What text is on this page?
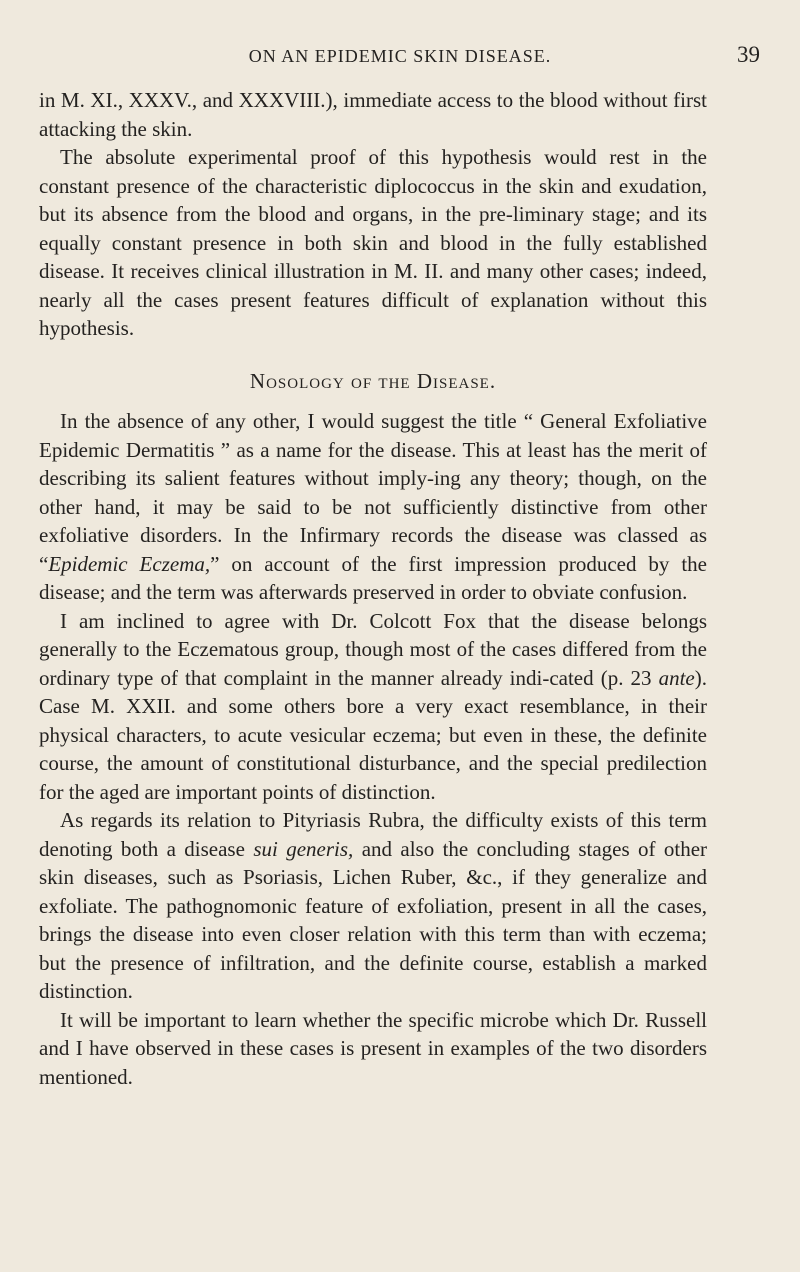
ON AN EPIDEMIC SKIN DISEASE.	39

in M. XI., XXXV., and XXXVIII.), immediate access to the blood without first attacking the skin.

The absolute experimental proof of this hypothesis would rest in the constant presence of the characteristic diplococcus in the skin and exudation, but its absence from the blood and organs, in the pre-liminary stage; and its equally constant presence in both skin and blood in the fully established disease. It receives clinical illustration in M. II. and many other cases; indeed, nearly all the cases present features difficult of explanation without this hypothesis.

Nosology of the Disease.

In the absence of any other, I would suggest the title “ General Exfoliative Epidemic Dermatitis ” as a name for the disease. This at least has the merit of describing its salient features without imply-ing any theory; though, on the other hand, it may be said to be not sufficiently distinctive from other exfoliative disorders. In the Infirmary records the disease was classed as “Epidemic Eczema,” on account of the first impression produced by the disease; and the term was afterwards preserved in order to obviate confusion.

I am inclined to agree with Dr. Colcott Fox that the disease belongs generally to the Eczematous group, though most of the cases differed from the ordinary type of that complaint in the manner already indi-cated (p. 23 ante). Case M. XXII. and some others bore a very exact resemblance, in their physical characters, to acute vesicular eczema; but even in these, the definite course, the amount of constitutional disturbance, and the special predilection for the aged are important points of distinction.

As regards its relation to Pityriasis Rubra, the difficulty exists of this term denoting both a disease sui generis, and also the concluding stages of other skin diseases, such as Psoriasis, Lichen Ruber, &c., if they generalize and exfoliate. The pathognomonic feature of exfoliation, present in all the cases, brings the disease into even closer relation with this term than with eczema; but the presence of infiltration, and the definite course, establish a marked distinction.

It will be important to learn whether the specific microbe which Dr. Russell and I have observed in these cases is present in examples of the two disorders mentioned.
